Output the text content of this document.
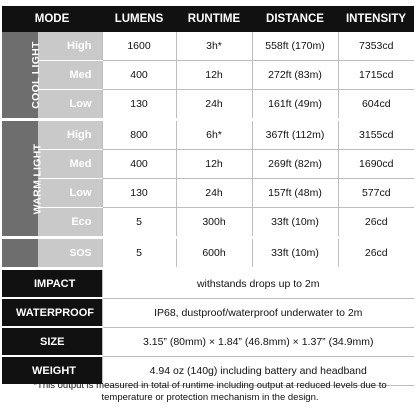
MODE		LUMENS	RUNTIME	DISTANCE	INTENSITY
COOL LIGHT	High	1600	3h*	558ft (170m)	7353cd
	Med	400	12h	272ft (83m)	1715cd
	Low	130	24h	161ft (49m)	604cd
WARM LIGHT	High	800	6h*	367ft (112m)	3155cd
	Med	400	12h	269ft (82m)	1690cd
	Low	130	24h	157ft (48m)	577cd
	Eco	5	300h	33ft (10m)	26cd
	SOS	5	600h	33ft (10m)	26cd
IMPACT		withstands drops up to 2m			
WATERPROOF		IP68, dustproof/waterproof underwater to 2m			
SIZE		3.15” (80mm) × 1.84” (46.8mm) × 1.37” (34.9mm)			
WEIGHT		4.94 oz (140g) including battery and headband			
*This output is measured in total of runtime including output at reduced levels due to temperature or protection mechanism in the design.
